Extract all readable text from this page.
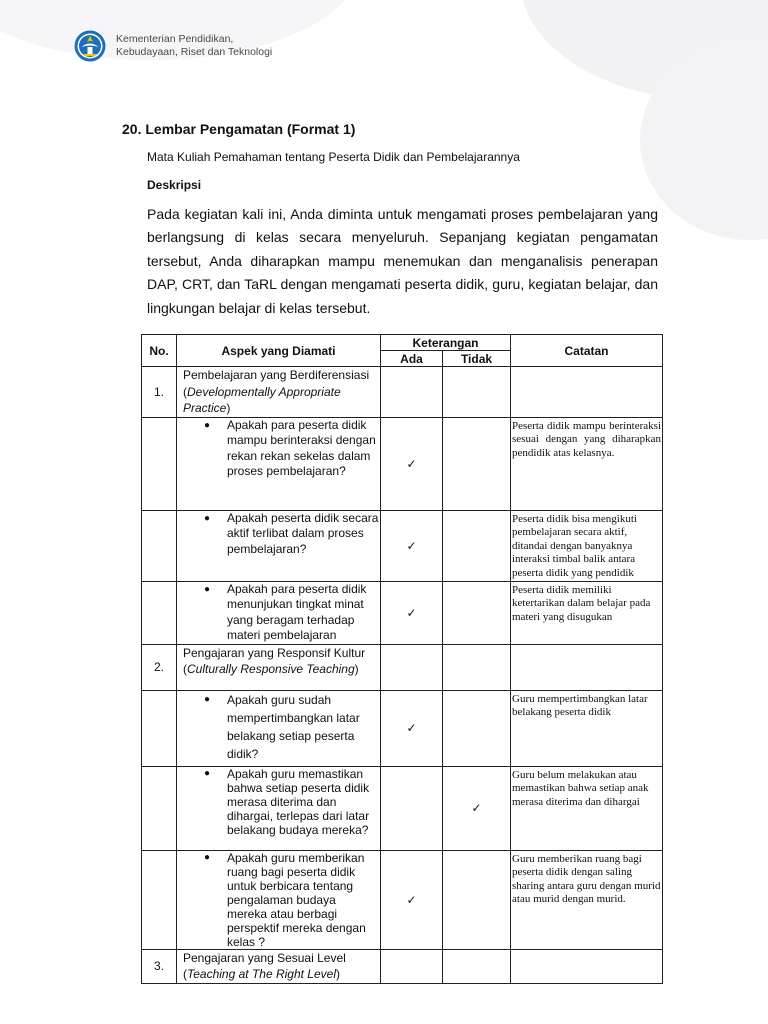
Kementerian Pendidikan,
Kebudayaan, Riset dan Teknologi
20. Lembar Pengamatan (Format 1)
Mata Kuliah Pemahaman tentang Peserta Didik dan Pembelajarannya
Deskripsi

Pada kegiatan kali ini, Anda diminta untuk mengamati proses pembelajaran yang berlangsung di kelas secara menyeluruh. Sepanjang kegiatan pengamatan tersebut, Anda diharapkan mampu menemukan dan menganalisis penerapan DAP, CRT, dan TaRL dengan mengamati peserta didik, guru, kegiatan belajar, dan lingkungan belajar di kelas tersebut.

No.	Aspek yang Diamati	Keterangan		Catatan
		Ada	Tidak	
1.	Pembelajaran yang Berdiferensiasi (Developmentally Appropriate Practice)			

	● Apakah para peserta didik mampu berinteraksi dengan rekan rekan sekelas dalam proses pembelajaran?	✓		Peserta didik mampu berinteraksi sesuai dengan yang diharapkan pendidik atas kelasnya.

	● Apakah peserta didik secara aktif terlibat dalam proses pembelajaran?	✓		Peserta didik bisa mengikuti pembelajaran secara aktif, ditandai dengan banyaknya interaksi timbal balik antara peserta didik yang pendidik

	● Apakah para peserta didik menunjukan tingkat minat yang beragam terhadap materi pembelajaran	✓		Peserta didik memiliki ketertarikan dalam belajar pada materi yang disugukan
2.	Pengajaran yang Responsif Kultur (Culturally Responsive Teaching)			

	● Apakah guru sudah mempertimbangkan latar belakang setiap peserta didik?	✓		Guru mempertimbangkan latar belakang peserta didik

	● Apakah guru memastikan bahwa setiap peserta didik merasa diterima dan dihargai, terlepas dari latar belakang budaya mereka?		✓	Guru belum melakukan atau memastikan bahwa setiap anak merasa diterima dan dihargai

	● Apakah guru memberikan ruang bagi peserta didik untuk berbicara tentang pengalaman budaya mereka atau berbagi perspektif mereka dengan kelas ?	✓		Guru memberikan ruang bagi peserta didik dengan saling sharing antara guru dengan murid atau murid dengan murid.
3.	Pengajaran yang Sesuai Level (Teaching at The Right Level)			
